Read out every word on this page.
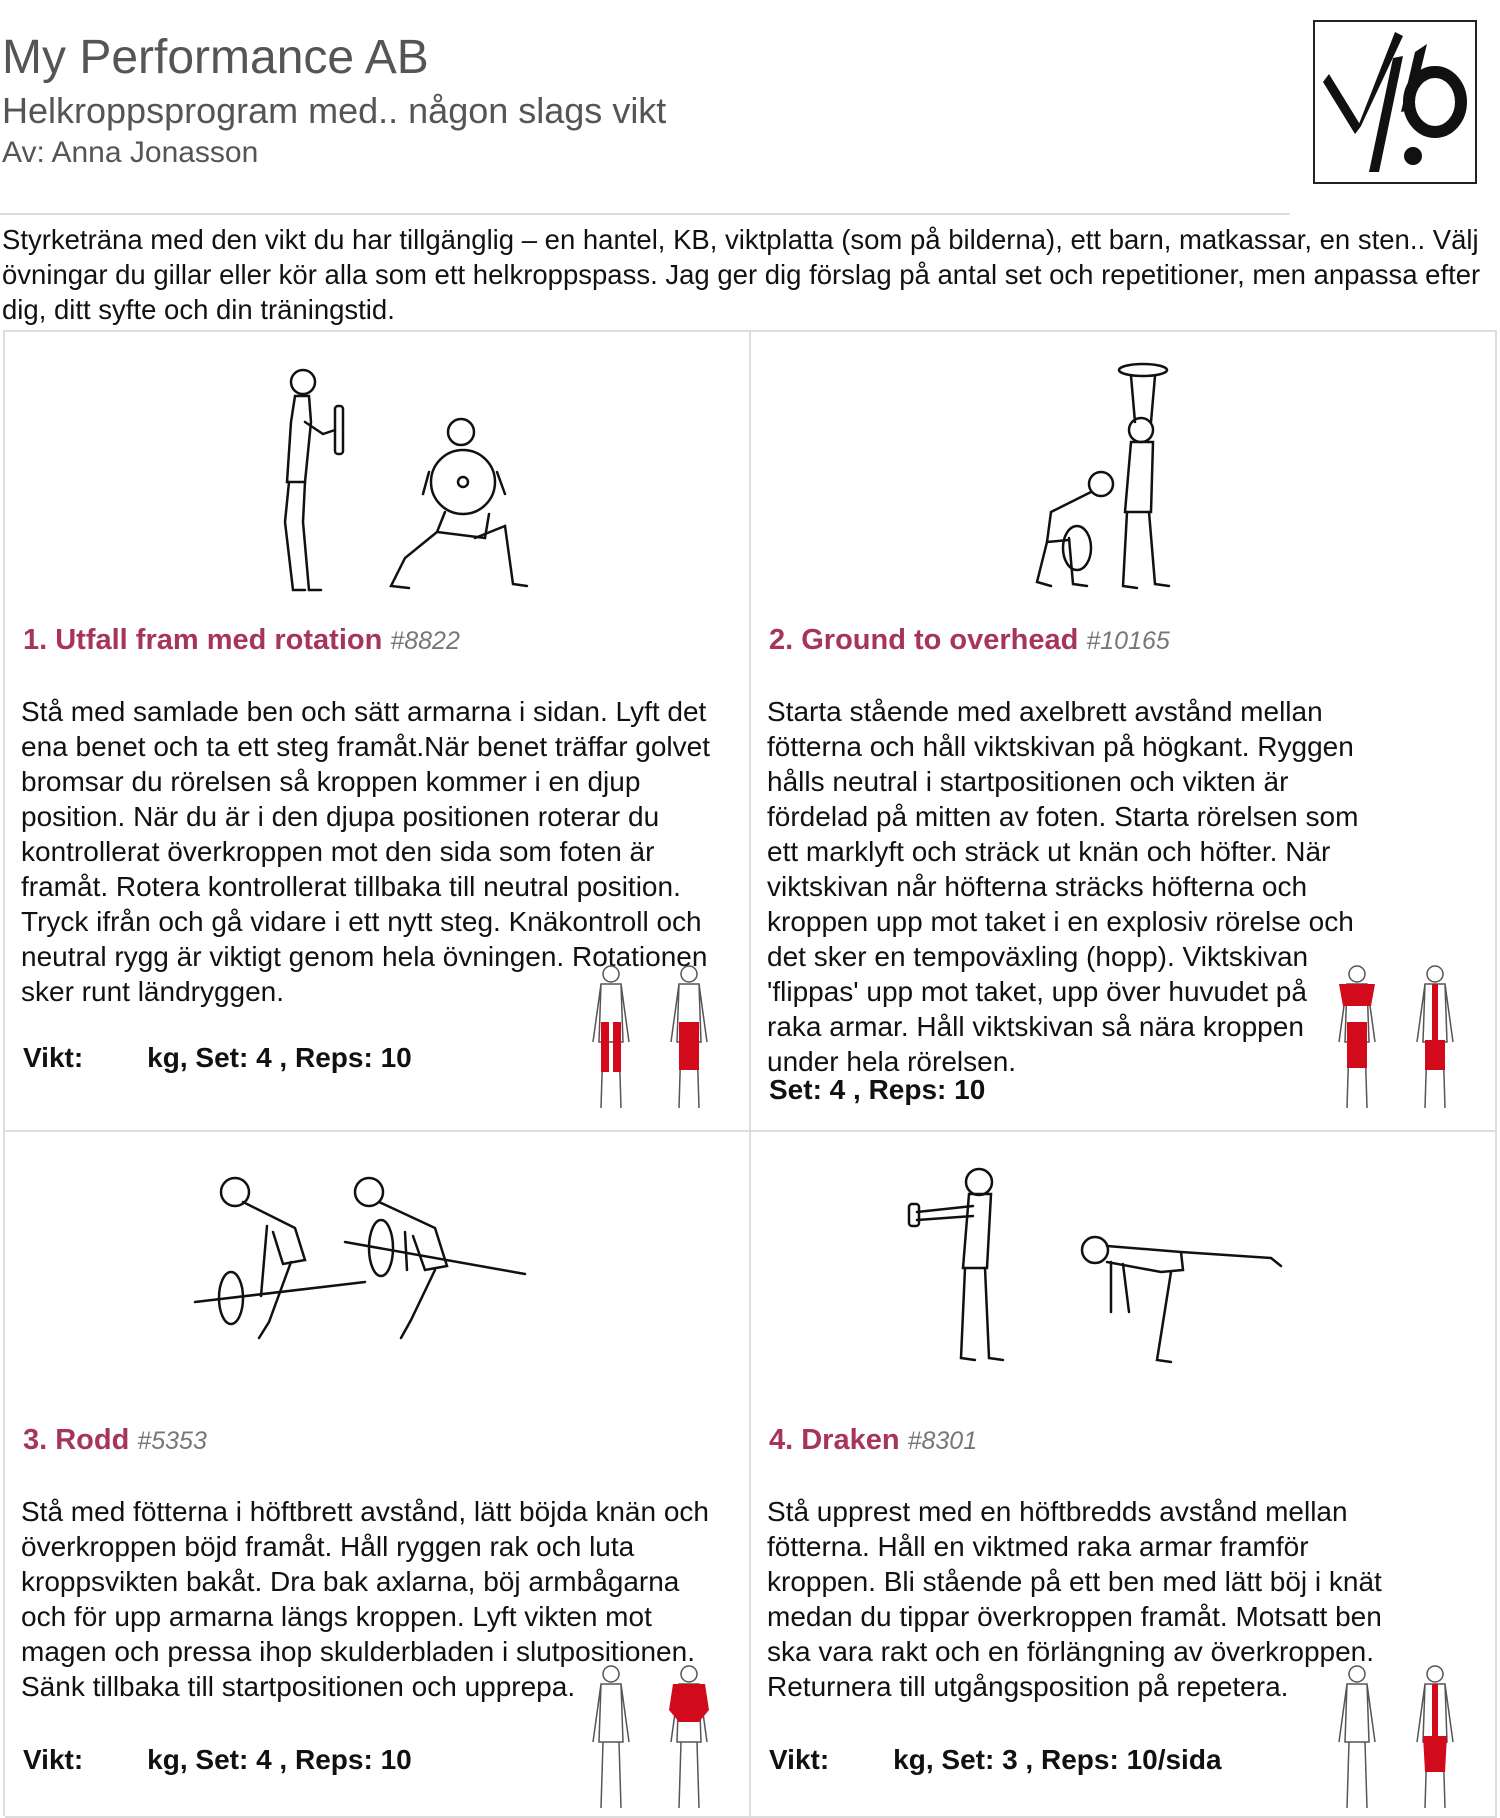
My Performance AB
Helkroppsprogram med.. någon slags vikt
Av: Anna Jonasson
Styrketräna med den vikt du har tillgänglig – en hantel, KB, viktplatta (som på bilderna), ett barn, matkassar, en sten.. Välj övningar du gillar eller kör alla som ett helkroppspass. Jag ger dig förslag på antal set och repetitioner, men anpassa efter dig, ditt syfte och din träningstid.
1. Utfall fram med rotation #8822
Stå med samlade ben och sätt armarna i sidan. Lyft det ena benet och ta ett steg framåt.När benet träffar golvet bromsar du rörelsen så kroppen kommer i en djup position. När du är i den djupa positionen roterar du kontrollerat överkroppen mot den sida som foten är framåt. Rotera kontrollerat tillbaka till neutral position. Tryck ifrån och gå vidare i ett nytt steg. Knäkontroll och neutral rygg är viktigt genom hela övningen. Rotationen sker runt ländryggen.
Vikt: kg, Set: 4 , Reps: 10
2. Ground to overhead #10165
Starta stående med axelbrett avstånd mellan fötterna och håll viktskivan på högkant. Ryggen hålls neutral i startpositionen och vikten är fördelad på mitten av foten. Starta rörelsen som ett marklyft och sträck ut knän och höfter. När viktskivan når höfterna sträcks höfterna och kroppen upp mot taket i en explosiv rörelse och det sker en tempoväxling (hopp). Viktskivan 'flippas' upp mot taket, upp över huvudet på raka armar. Håll viktskivan så nära kroppen under hela rörelsen.
Set: 4 , Reps: 10
3. Rodd #5353
Stå med fötterna i höftbrett avstånd, lätt böjda knän och överkroppen böjd framåt. Håll ryggen rak och luta kroppsvikten bakåt. Dra bak axlarna, böj armbågarna och för upp armarna längs kroppen. Lyft vikten mot magen och pressa ihop skulderbladen i slutpositionen. Sänk tillbaka till startpositionen och upprepa.
Vikt: kg, Set: 4 , Reps: 10
4. Draken #8301
Stå upprest med en höftbredds avstånd mellan fötterna. Håll en viktmed raka armar framför kroppen. Bli stående på ett ben med lätt böj i knät medan du tippar överkroppen framåt. Motsatt ben ska vara rakt och en förlängning av överkroppen. Returnera till utgångsposition på repetera.
Vikt: kg, Set: 3 , Reps: 10/sida
